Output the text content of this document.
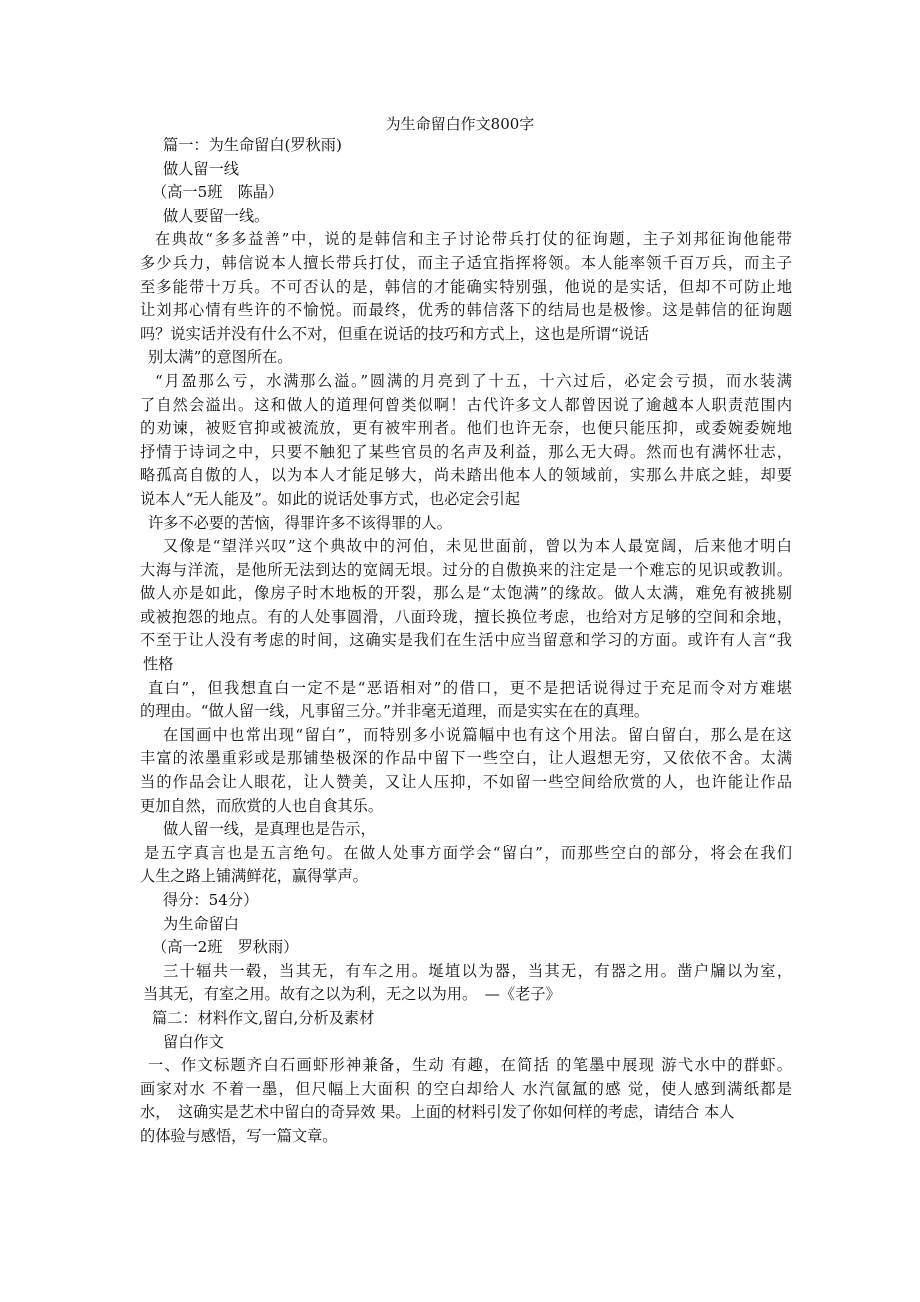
为生命留白作文800字

篇一：为生命留白(罗秋雨)

做人留一线

（高一5班　陈晶）

做人要留一线。

在典故“多多益善”中，说的是韩信和主子讨论带兵打仗的征询题，主子刘邦征询他能带

多少兵力，韩信说本人擅长带兵打仗，而主子适宜指挥将领。本人能率领千百万兵，而主子

至多能带十万兵。不可否认的是，韩信的才能确实特别强，他说的是实话，但却不可防止地

让刘邦心情有些许的不愉悦。而最终，优秀的韩信落下的结局也是极惨。这是韩信的征询题

吗？说实话并没有什么不对，但重在说话的技巧和方式上，这也是所谓“说话

别太满”的意图所在。

“月盈那么亏，水满那么溢。”圆满的月亮到了十五，十六过后，必定会亏损，而水装满

了自然会溢出。这和做人的道理何曾类似啊！古代许多文人都曾因说了逾越本人职责范围内

的劝谏，被贬官抑或被流放，更有被牢刑者。他们也许无奈，也便只能压抑，或委婉委婉地

抒情于诗词之中，只要不触犯了某些官员的名声及利益，那么无大碍。然而也有满怀壮志，

略孤高自傲的人，以为本人才能足够大，尚未踏出他本人的领域前，实那么井底之蛙，却要

说本人“无人能及”。如此的说话处事方式，也必定会引起

许多不必要的苦恼，得罪许多不该得罪的人。

又像是“望洋兴叹”这个典故中的河伯，未见世面前，曾以为本人最宽阔，后来他才明白

大海与洋流，是他所无法到达的宽阔无垠。过分的自傲换来的注定是一个难忘的见识或教训。

做人亦是如此，像房子时木地板的开裂，那么是“太饱满”的缘故。做人太满，难免有被挑剔

或被抱怨的地点。有的人处事圆滑，八面玲珑，擅长换位考虑，也给对方足够的空间和余地，

不至于让人没有考虑的时间，这确实是我们在生活中应当留意和学习的方面。或许有人言“我

性格

直白”，但我想直白一定不是“恶语相对”的借口，更不是把话说得过于充足而令对方难堪

的理由。“做人留一线，凡事留三分。”并非毫无道理，而是实实在在的真理。

在国画中也常出现“留白”，而特别多小说篇幅中也有这个用法。留白留白，那么是在这

丰富的浓墨重彩或是那铺垫极深的作品中留下一些空白，让人遐想无穷，又依依不舍。太满

当的作品会让人眼花，让人赞美，又让人压抑，不如留一些空间给欣赏的人，也许能让作品

更加自然，而欣赏的人也自食其乐。

做人留一线，是真理也是告示，

是五字真言也是五言绝句。在做人处事方面学会“留白”，而那些空白的部分，将会在我们

人生之路上铺满鲜花，赢得掌声。

得分：54分）

为生命留白

（高一2班　罗秋雨）

三十辐共一毂，当其无，有车之用。埏埴以为器，当其无，有器之用。凿户牖以为室，

当其无，有室之用。故有之以为利，无之以为用。　—《老子》

篇二：材料作文,留白,分析及素材

留白作文

一、作文标题齐白石画虾形神兼备，生动 有趣，在简括 的笔墨中展现 游弋水中的群虾。

画家对水 不着一墨，但尺幅上大面积 的空白却给人 水汽氤氲的感 觉，使人感到满纸都是

水，　这确实是艺术中留白的奇异效 果。上面的材料引发了你如何样的考虑，请结合 本人

的体验与感悟，写一篇文章。
